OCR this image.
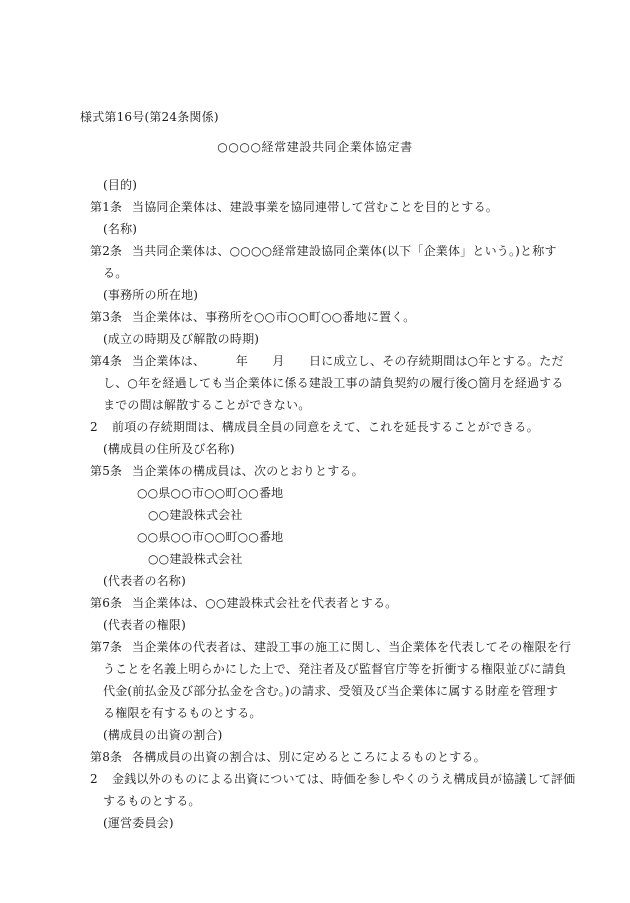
様式第16号(第24条関係)
○○○○経常建設共同企業体協定書
(目的)
第1条 当協同企業体は、建設事業を協同連帯して営むことを目的とする。
(名称)
第2条 当共同企業体は、○○○○経常建設協同企業体(以下「企業体」という。)と称す
る。
(事務所の所在地)
第3条 当企業体は、事務所を○○市○○町○○番地に置く。
(成立の時期及び解散の時期)
第4条 当企業体は、　　　年　　月　　日に成立し、その存続期間は○年とする。ただ
し、○年を経過しても当企業体に係る建設工事の請負契約の履行後○箇月を経過する
までの間は解散することができない。
2 前項の存続期間は、構成員全員の同意をえて、これを延長することができる。
(構成員の住所及び名称)
第5条 当企業体の構成員は、次のとおりとする。
○○県○○市○○町○○番地
○○建設株式会社
○○県○○市○○町○○番地
○○建設株式会社
(代表者の名称)
第6条 当企業体は、○○建設株式会社を代表者とする。
(代表者の権限)
第7条 当企業体の代表者は、建設工事の施工に関し、当企業体を代表してその権限を行
うことを名義上明らかにした上で、発注者及び監督官庁等を折衝する権限並びに請負
代金(前払金及び部分払金を含む。)の請求、受領及び当企業体に属する財産を管理す
る権限を有するものとする。
(構成員の出資の割合)
第8条 各構成員の出資の割合は、別に定めるところによるものとする。
2 金銭以外のものによる出資については、時価を参しやくのうえ構成員が協議して評価
するものとする。
(運営委員会)
